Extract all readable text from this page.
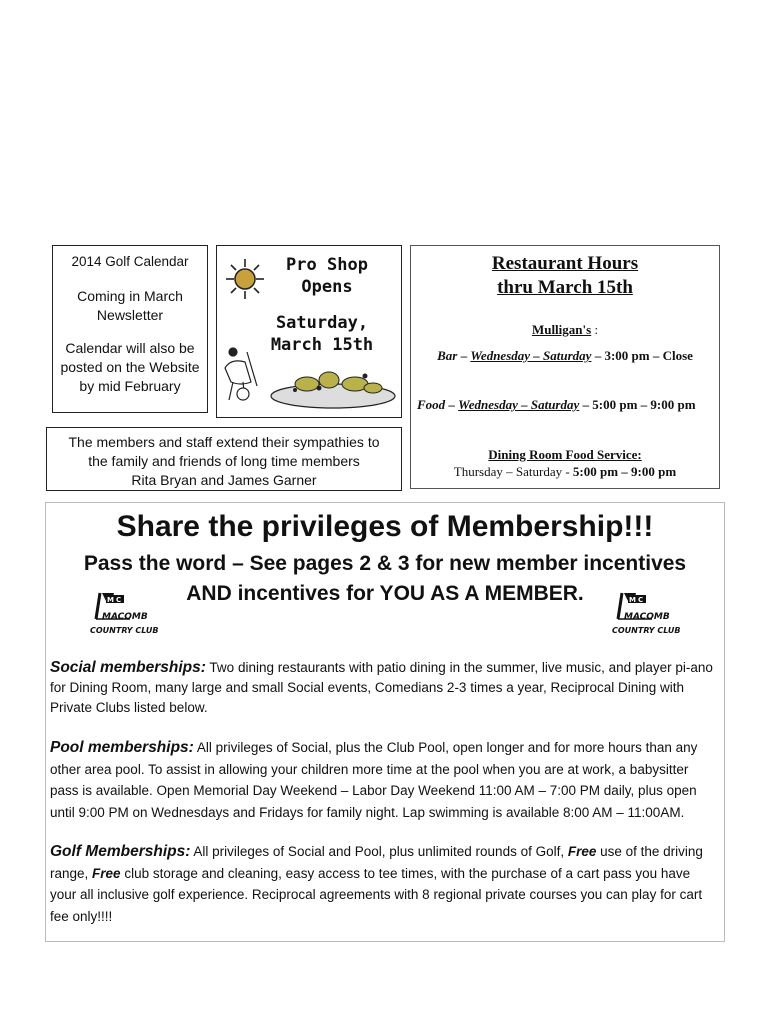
2014 Golf Calendar

Coming in March Newsletter

Calendar will also be posted on the Website by mid February

Pro Shop
Opens
Saturday,
March 15th
The members and staff extend their sympathies to
the family and friends of long time members
Rita Bryan and James Garner
Restaurant Hours
thru March 15th
Mulligan's :
Bar – Wednesday – Saturday – 3:00 pm – Close
Food – Wednesday – Saturday – 5:00 pm – 9:00 pm
Dining Room Food Service:
Thursday – Saturday - 5:00 pm – 9:00 pm
Share the privileges of Membership!!!
Pass the word – See pages 2 & 3 for new member incentives
AND incentives for YOU AS A MEMBER.
M C
MACOMB
COUNTRY CLUB
M C
MACOMB
COUNTRY CLUB
Social memberships: Two dining restaurants with patio dining in the summer, live music, and player pi-ano for Dining Room, many large and small Social events, Comedians 2-3 times a year, Reciprocal Dining with Private Clubs listed below.
Pool memberships: All privileges of Social, plus the Club Pool, open longer and for more hours than any other area pool. To assist in allowing your children more time at the pool when you are at work, a babysitter pass is available. Open Memorial Day Weekend – Labor Day Weekend 11:00 AM – 7:00 PM daily, plus open until 9:00 PM on Wednesdays and Fridays for family night. Lap swimming is available 8:00 AM – 11:00AM.
Golf Memberships: All privileges of Social and Pool, plus unlimited rounds of Golf, Free use of the driving range, Free club storage and cleaning, easy access to tee times, with the purchase of a cart pass you have your all inclusive golf experience. Reciprocal agreements with 8 regional private courses you can play for cart fee only!!!!
